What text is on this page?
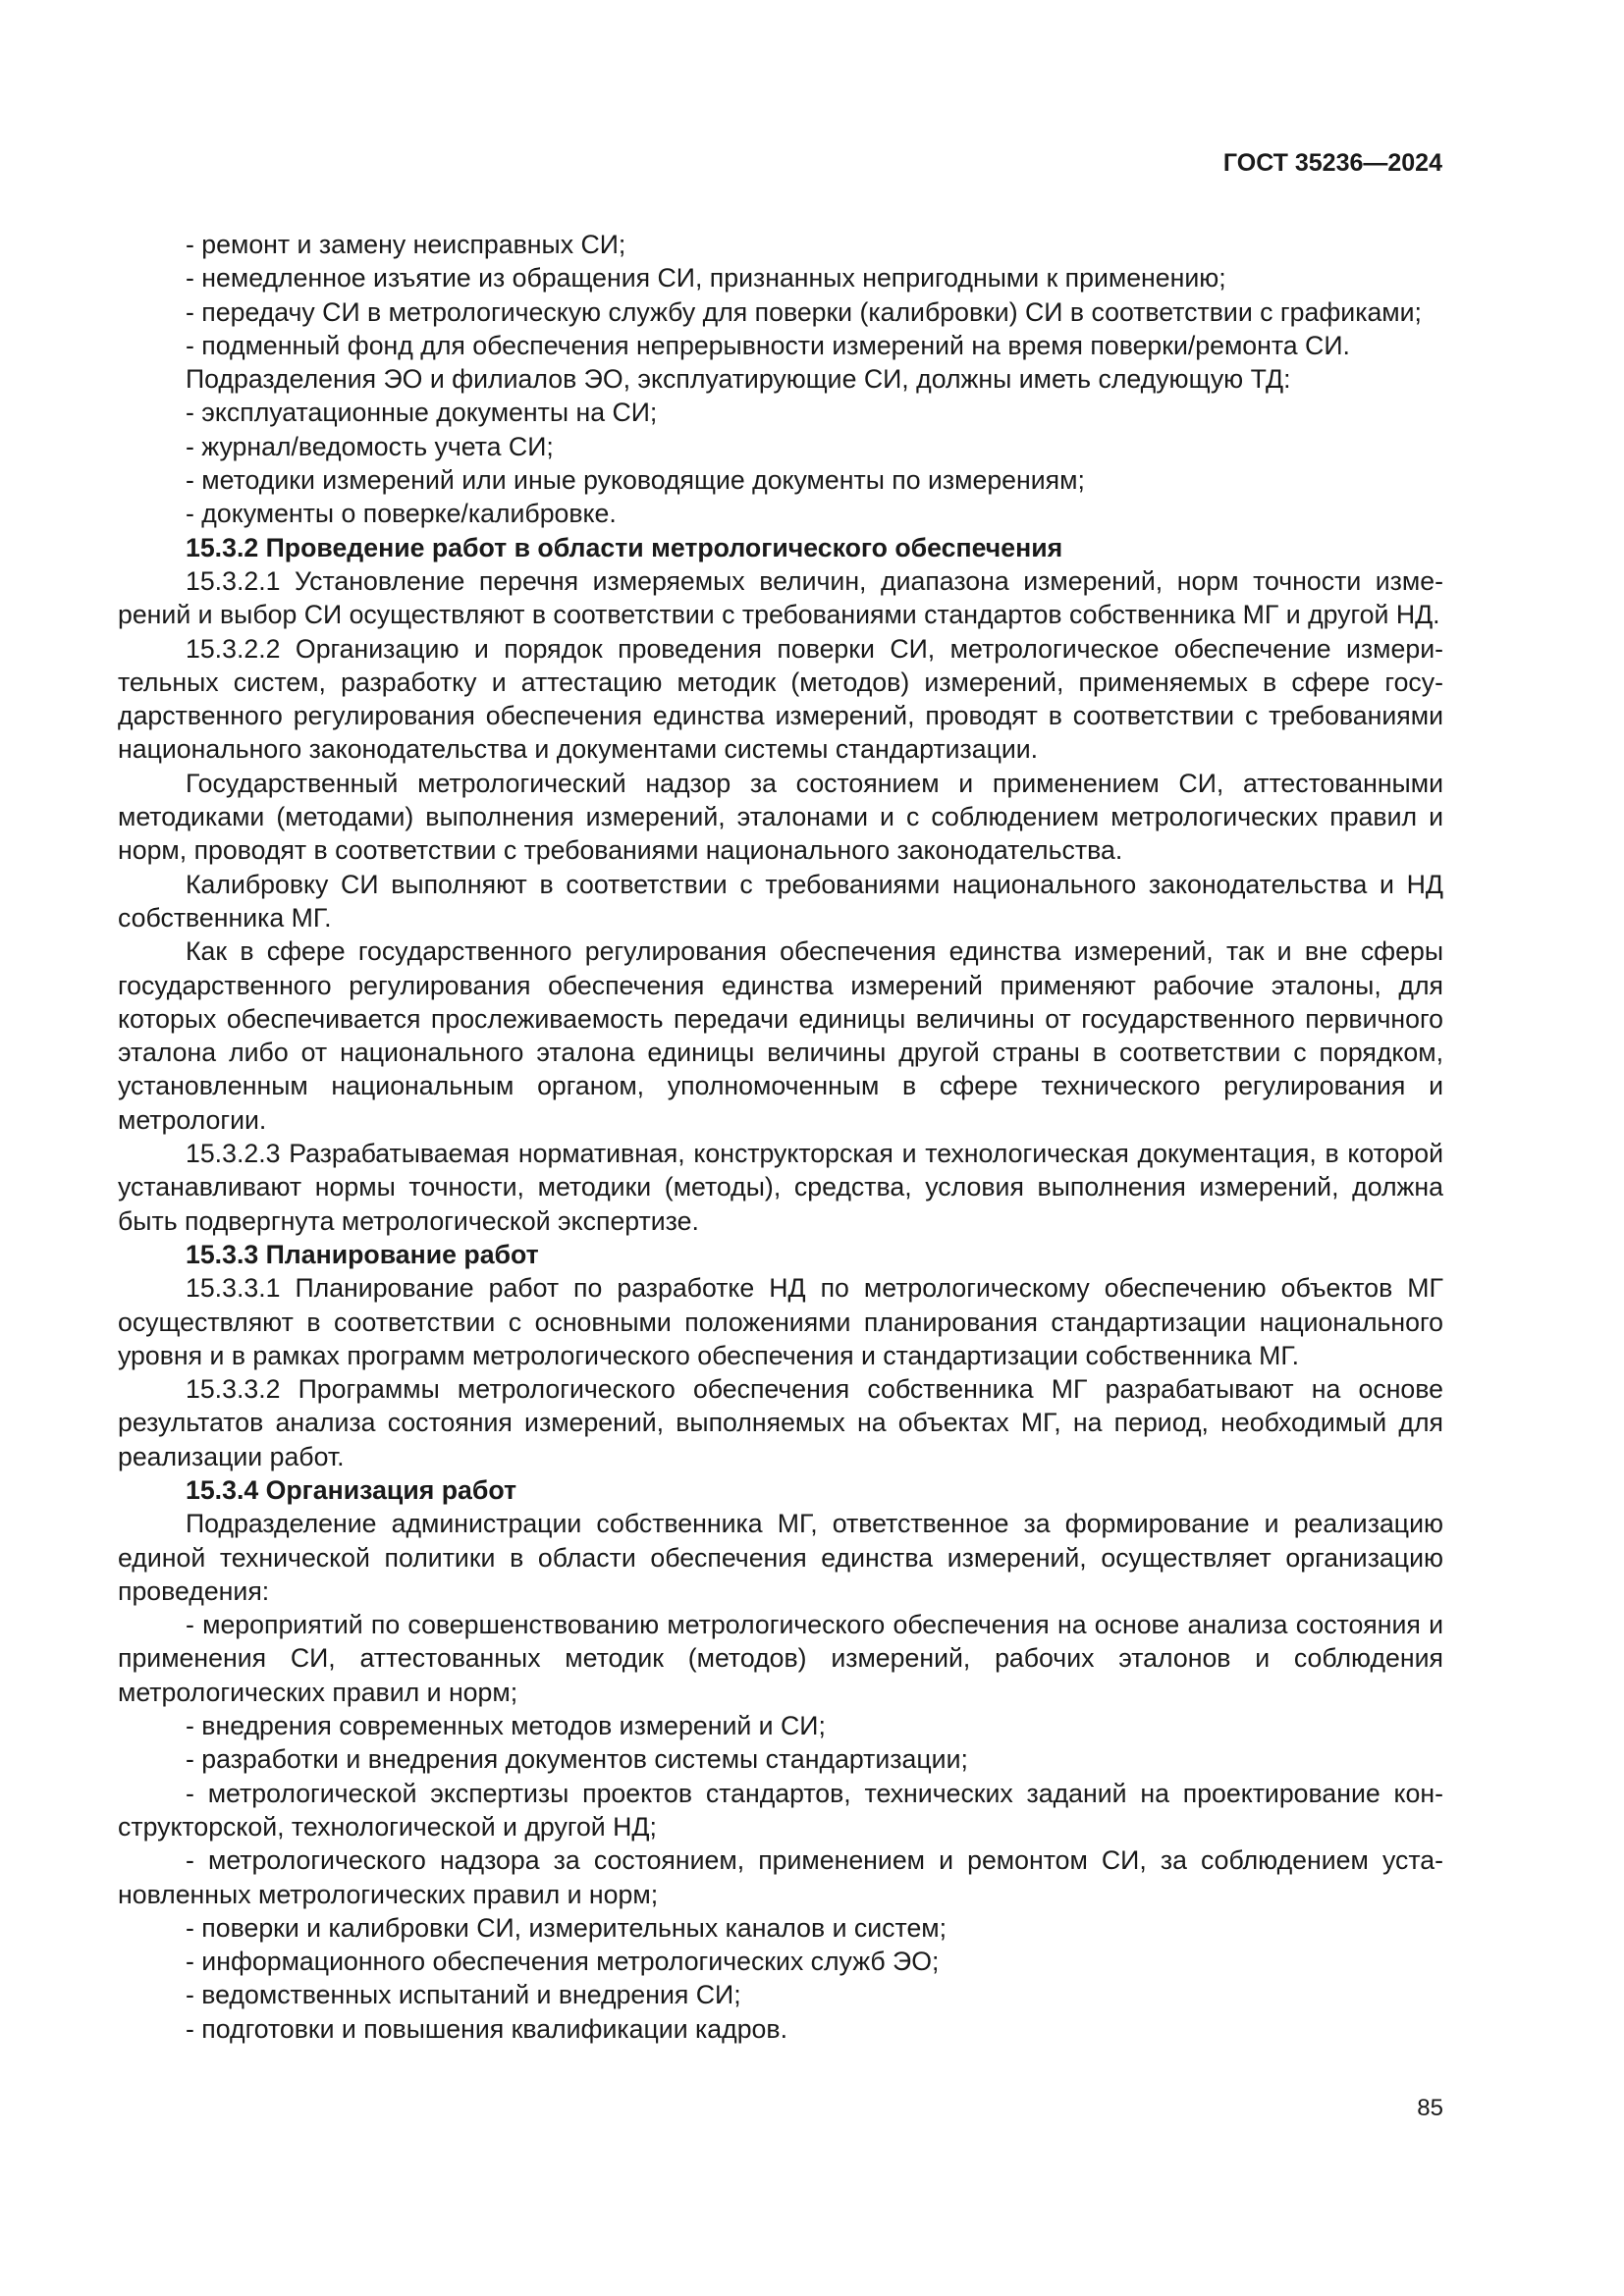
ГОСТ 35236—2024

- ремонт и замену неисправных СИ;

- немедленное изъятие из обращения СИ, признанных непригодными к применению;

- передачу СИ в метрологическую службу для поверки (калибровки) СИ в соответствии с графиками;

- подменный фонд для обеспечения непрерывности измерений на время поверки/ремонта СИ.

Подразделения ЭО и филиалов ЭО, эксплуатирующие СИ, должны иметь следующую ТД:

- эксплуатационные документы на СИ;

- журнал/ведомость учета СИ;

- методики измерений или иные руководящие документы по измерениям;

- документы о поверке/калибровке.

15.3.2 Проведение работ в области метрологического обеспечения

15.3.2.1 Установление перечня измеряемых величин, диапазона измерений, норм точности измерений и выбор СИ осуществляют в соответствии с требованиями стандартов собственника МГ и другой НД.

15.3.2.2 Организацию и порядок проведения поверки СИ, метрологическое обеспечение измерительных систем, разработку и аттестацию методик (методов) измерений, применяемых в сфере государственного регулирования обеспечения единства измерений, проводят в соответствии с требованиями национального законодательства и документами системы стандартизации.

Государственный метрологический надзор за состоянием и применением СИ, аттестованными методиками (методами) выполнения измерений, эталонами и с соблюдением метрологических правил и норм, проводят в соответствии с требованиями национального законодательства.

Калибровку СИ выполняют в соответствии с требованиями национального законодательства и НД собственника МГ.

Как в сфере государственного регулирования обеспечения единства измерений, так и вне сферы государственного регулирования обеспечения единства измерений применяют рабочие эталоны, для которых обеспечивается прослеживаемость передачи единицы величины от государственного первичного эталона либо от национального эталона единицы величины другой страны в соответствии с порядком, установленным национальным органом, уполномоченным в сфере технического регулирования и метрологии.

15.3.2.3 Разрабатываемая нормативная, конструкторская и технологическая документация, в которой устанавливают нормы точности, методики (методы), средства, условия выполнения измерений, должна быть подвергнута метрологической экспертизе.

15.3.3 Планирование работ

15.3.3.1 Планирование работ по разработке НД по метрологическому обеспечению объектов МГ осуществляют в соответствии с основными положениями планирования стандартизации национального уровня и в рамках программ метрологического обеспечения и стандартизации собственника МГ.

15.3.3.2 Программы метрологического обеспечения собственника МГ разрабатывают на основе результатов анализа состояния измерений, выполняемых на объектах МГ, на период, необходимый для реализации работ.

15.3.4 Организация работ

Подразделение администрации собственника МГ, ответственное за формирование и реализацию единой технической политики в области обеспечения единства измерений, осуществляет организацию проведения:

- мероприятий по совершенствованию метрологического обеспечения на основе анализа состояния и применения СИ, аттестованных методик (методов) измерений, рабочих эталонов и соблюдения метрологических правил и норм;

- внедрения современных методов измерений и СИ;

- разработки и внедрения документов системы стандартизации;

- метрологической экспертизы проектов стандартов, технических заданий на проектирование конструкторской, технологической и другой НД;

- метрологического надзора за состоянием, применением и ремонтом СИ, за соблюдением установленных метрологических правил и норм;

- поверки и калибровки СИ, измерительных каналов и систем;

- информационного обеспечения метрологических служб ЭО;

- ведомственных испытаний и внедрения СИ;

- подготовки и повышения квалификации кадров.

85
